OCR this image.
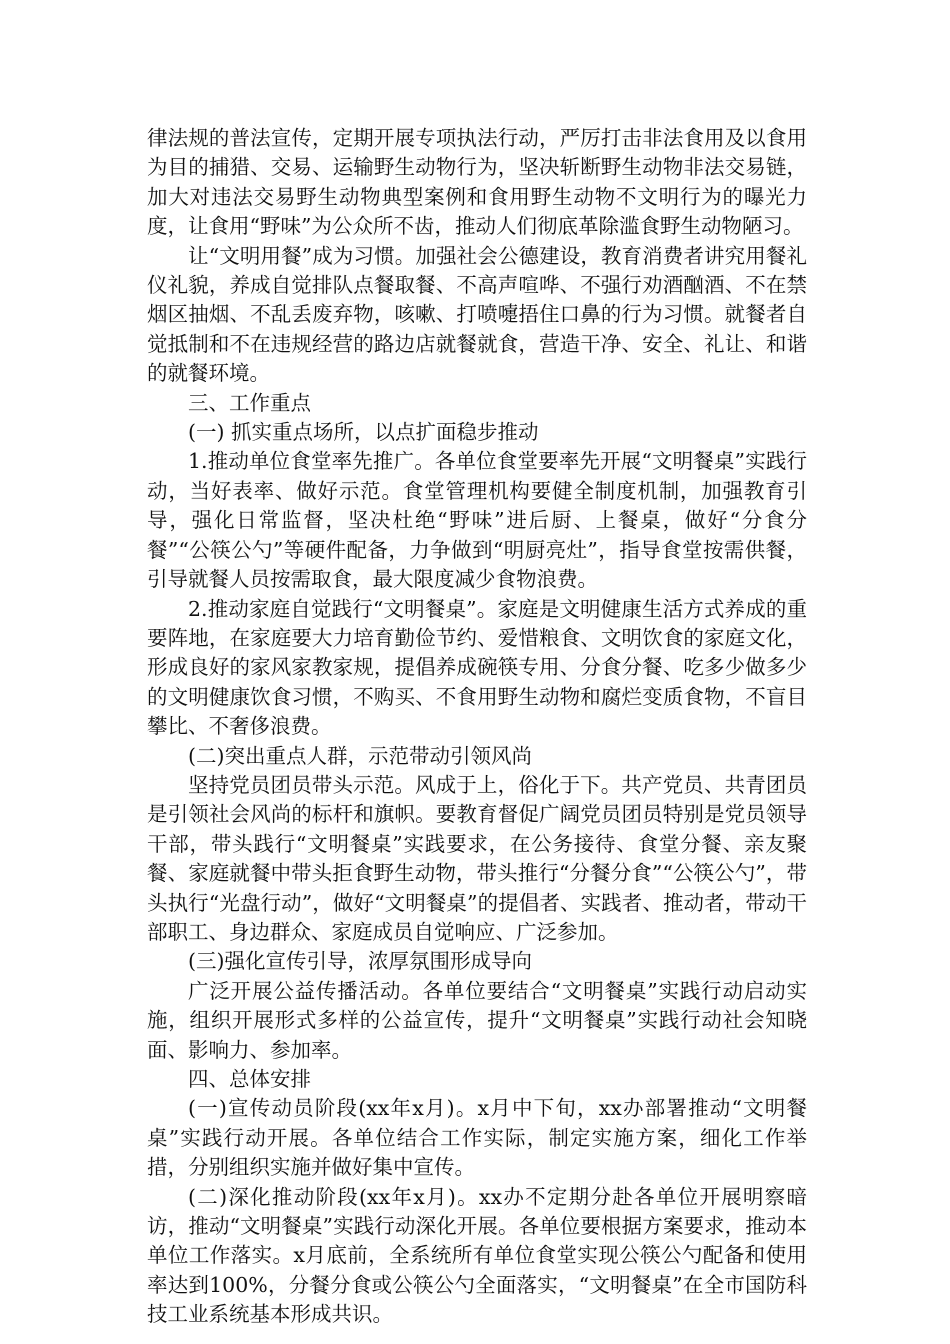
律法规的普法宣传，定期开展专项执法行动，严厉打击非法食用及以食用为目的捕猎、交易、运输野生动物行为，坚决斩断野生动物非法交易链，加大对违法交易野生动物典型案例和食用野生动物不文明行为的曝光力度，让食用“野味”为公众所不齿，推动人们彻底革除滥食野生动物陋习。

让“文明用餐”成为习惯。加强社会公德建设，教育消费者讲究用餐礼仪礼貌，养成自觉排队点餐取餐、不高声喧哗、不强行劝酒酗酒、不在禁烟区抽烟、不乱丢废弃物，咳嗽、打喷嚏捂住口鼻的行为习惯。就餐者自觉抵制和不在违规经营的路边店就餐就食，营造干净、安全、礼让、和谐的就餐环境。

三、工作重点

(一) 抓实重点场所，以点扩面稳步推动

1.推动单位食堂率先推广。各单位食堂要率先开展“文明餐桌”实践行动，当好表率、做好示范。食堂管理机构要健全制度机制，加强教育引导，强化日常监督，坚决杜绝“野味”进后厨、上餐桌，做好“分食分餐”“公筷公勺”等硬件配备，力争做到“明厨亮灶”，指导食堂按需供餐，引导就餐人员按需取食，最大限度减少食物浪费。

2.推动家庭自觉践行“文明餐桌”。家庭是文明健康生活方式养成的重要阵地，在家庭要大力培育勤俭节约、爱惜粮食、文明饮食的家庭文化，形成良好的家风家教家规，提倡养成碗筷专用、分食分餐、吃多少做多少的文明健康饮食习惯，不购买、不食用野生动物和腐烂变质食物，不盲目攀比、不奢侈浪费。

(二)突出重点人群，示范带动引领风尚

坚持党员团员带头示范。风成于上，俗化于下。共产党员、共青团员是引领社会风尚的标杆和旗帜。要教育督促广阔党员团员特别是党员领导干部，带头践行“文明餐桌”实践要求，在公务接待、食堂分餐、亲友聚餐、家庭就餐中带头拒食野生动物，带头推行“分餐分食”“公筷公勺”，带头执行“光盘行动”，做好“文明餐桌”的提倡者、实践者、推动者，带动干部职工、身边群众、家庭成员自觉响应、广泛参加。

(三)强化宣传引导，浓厚氛围形成导向

广泛开展公益传播活动。各单位要结合“文明餐桌”实践行动启动实施，组织开展形式多样的公益宣传，提升“文明餐桌”实践行动社会知晓面、影响力、参加率。

四、总体安排

(一)宣传动员阶段(xx年x月)。x月中下旬，xx办部署推动“文明餐桌”实践行动开展。各单位结合工作实际，制定实施方案，细化工作举措，分别组织实施并做好集中宣传。

(二)深化推动阶段(xx年x月)。xx办不定期分赴各单位开展明察暗访，推动“文明餐桌”实践行动深化开展。各单位要根据方案要求，推动本单位工作落实。x月底前，全系统所有单位食堂实现公筷公勺配备和使用率达到100%，分餐分食或公筷公勺全面落实，“文明餐桌”在全市国防科技工业系统基本形成共识。
